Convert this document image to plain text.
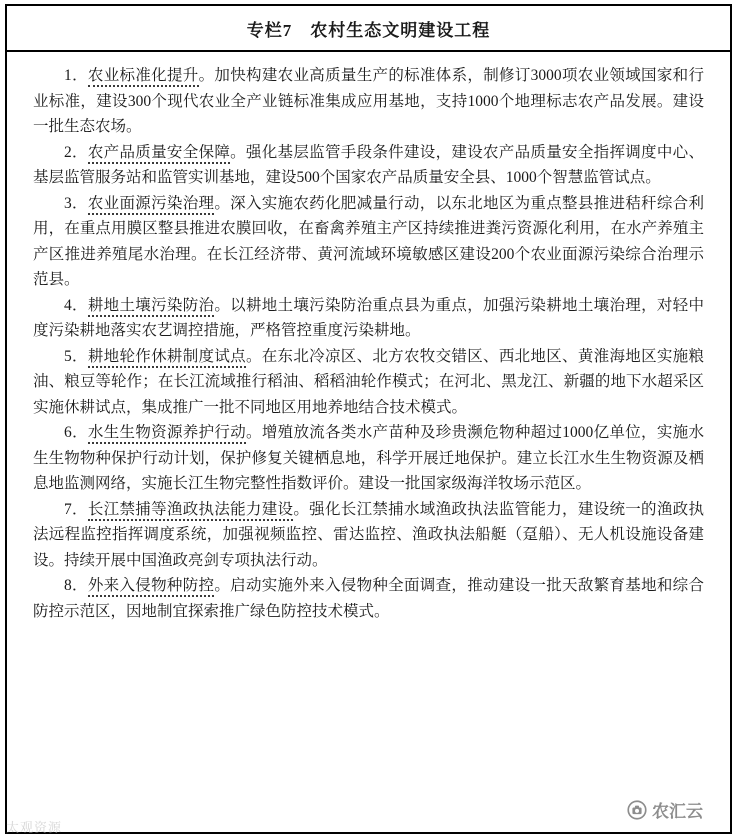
专栏7　农村生态文明建设工程

1．农业标准化提升。加快构建农业高质量生产的标准体系，制修订3000项农业领域国家和行业标准，建设300个现代农业全产业链标准集成应用基地，支持1000个地理标志农产品发展。建设一批生态农场。

2．农产品质量安全保障。强化基层监管手段条件建设，建设农产品质量安全指挥调度中心、基层监管服务站和监管实训基地，建设500个国家农产品质量安全县、1000个智慧监管试点。

3．农业面源污染治理。深入实施农药化肥减量行动，以东北地区为重点整县推进秸秆综合利用，在重点用膜区整县推进农膜回收，在畜禽养殖主产区持续推进粪污资源化利用，在水产养殖主产区推进养殖尾水治理。在长江经济带、黄河流域环境敏感区建设200个农业面源污染综合治理示范县。

4．耕地土壤污染防治。以耕地土壤污染防治重点县为重点，加强污染耕地土壤治理，对轻中度污染耕地落实农艺调控措施，严格管控重度污染耕地。

5．耕地轮作休耕制度试点。在东北冷凉区、北方农牧交错区、西北地区、黄淮海地区实施粮油、粮豆等轮作；在长江流域推行稻油、稻稻油轮作模式；在河北、黑龙江、新疆的地下水超采区实施休耕试点，集成推广一批不同地区用地养地结合技术模式。

6．水生生物资源养护行动。增殖放流各类水产苗种及珍贵濒危物种超过1000亿单位，实施水生生物物种保护行动计划，保护修复关键栖息地，科学开展迁地保护。建立长江水生生物资源及栖息地监测网络，实施长江生物完整性指数评价。建设一批国家级海洋牧场示范区。

7．长江禁捕等渔政执法能力建设。强化长江禁捕水域渔政执法监管能力，建设统一的渔政执法远程监控指挥调度系统，加强视频监控、雷达监控、渔政执法船艇（趸船）、无人机设施设备建设。持续开展中国渔政亮剑专项执法行动。

8．外来入侵物种防控。启动实施外来入侵物种全面调查，推动建设一批天敌繁育基地和综合防控示范区，因地制宜探索推广绿色防控技术模式。

太观资源
农汇云
